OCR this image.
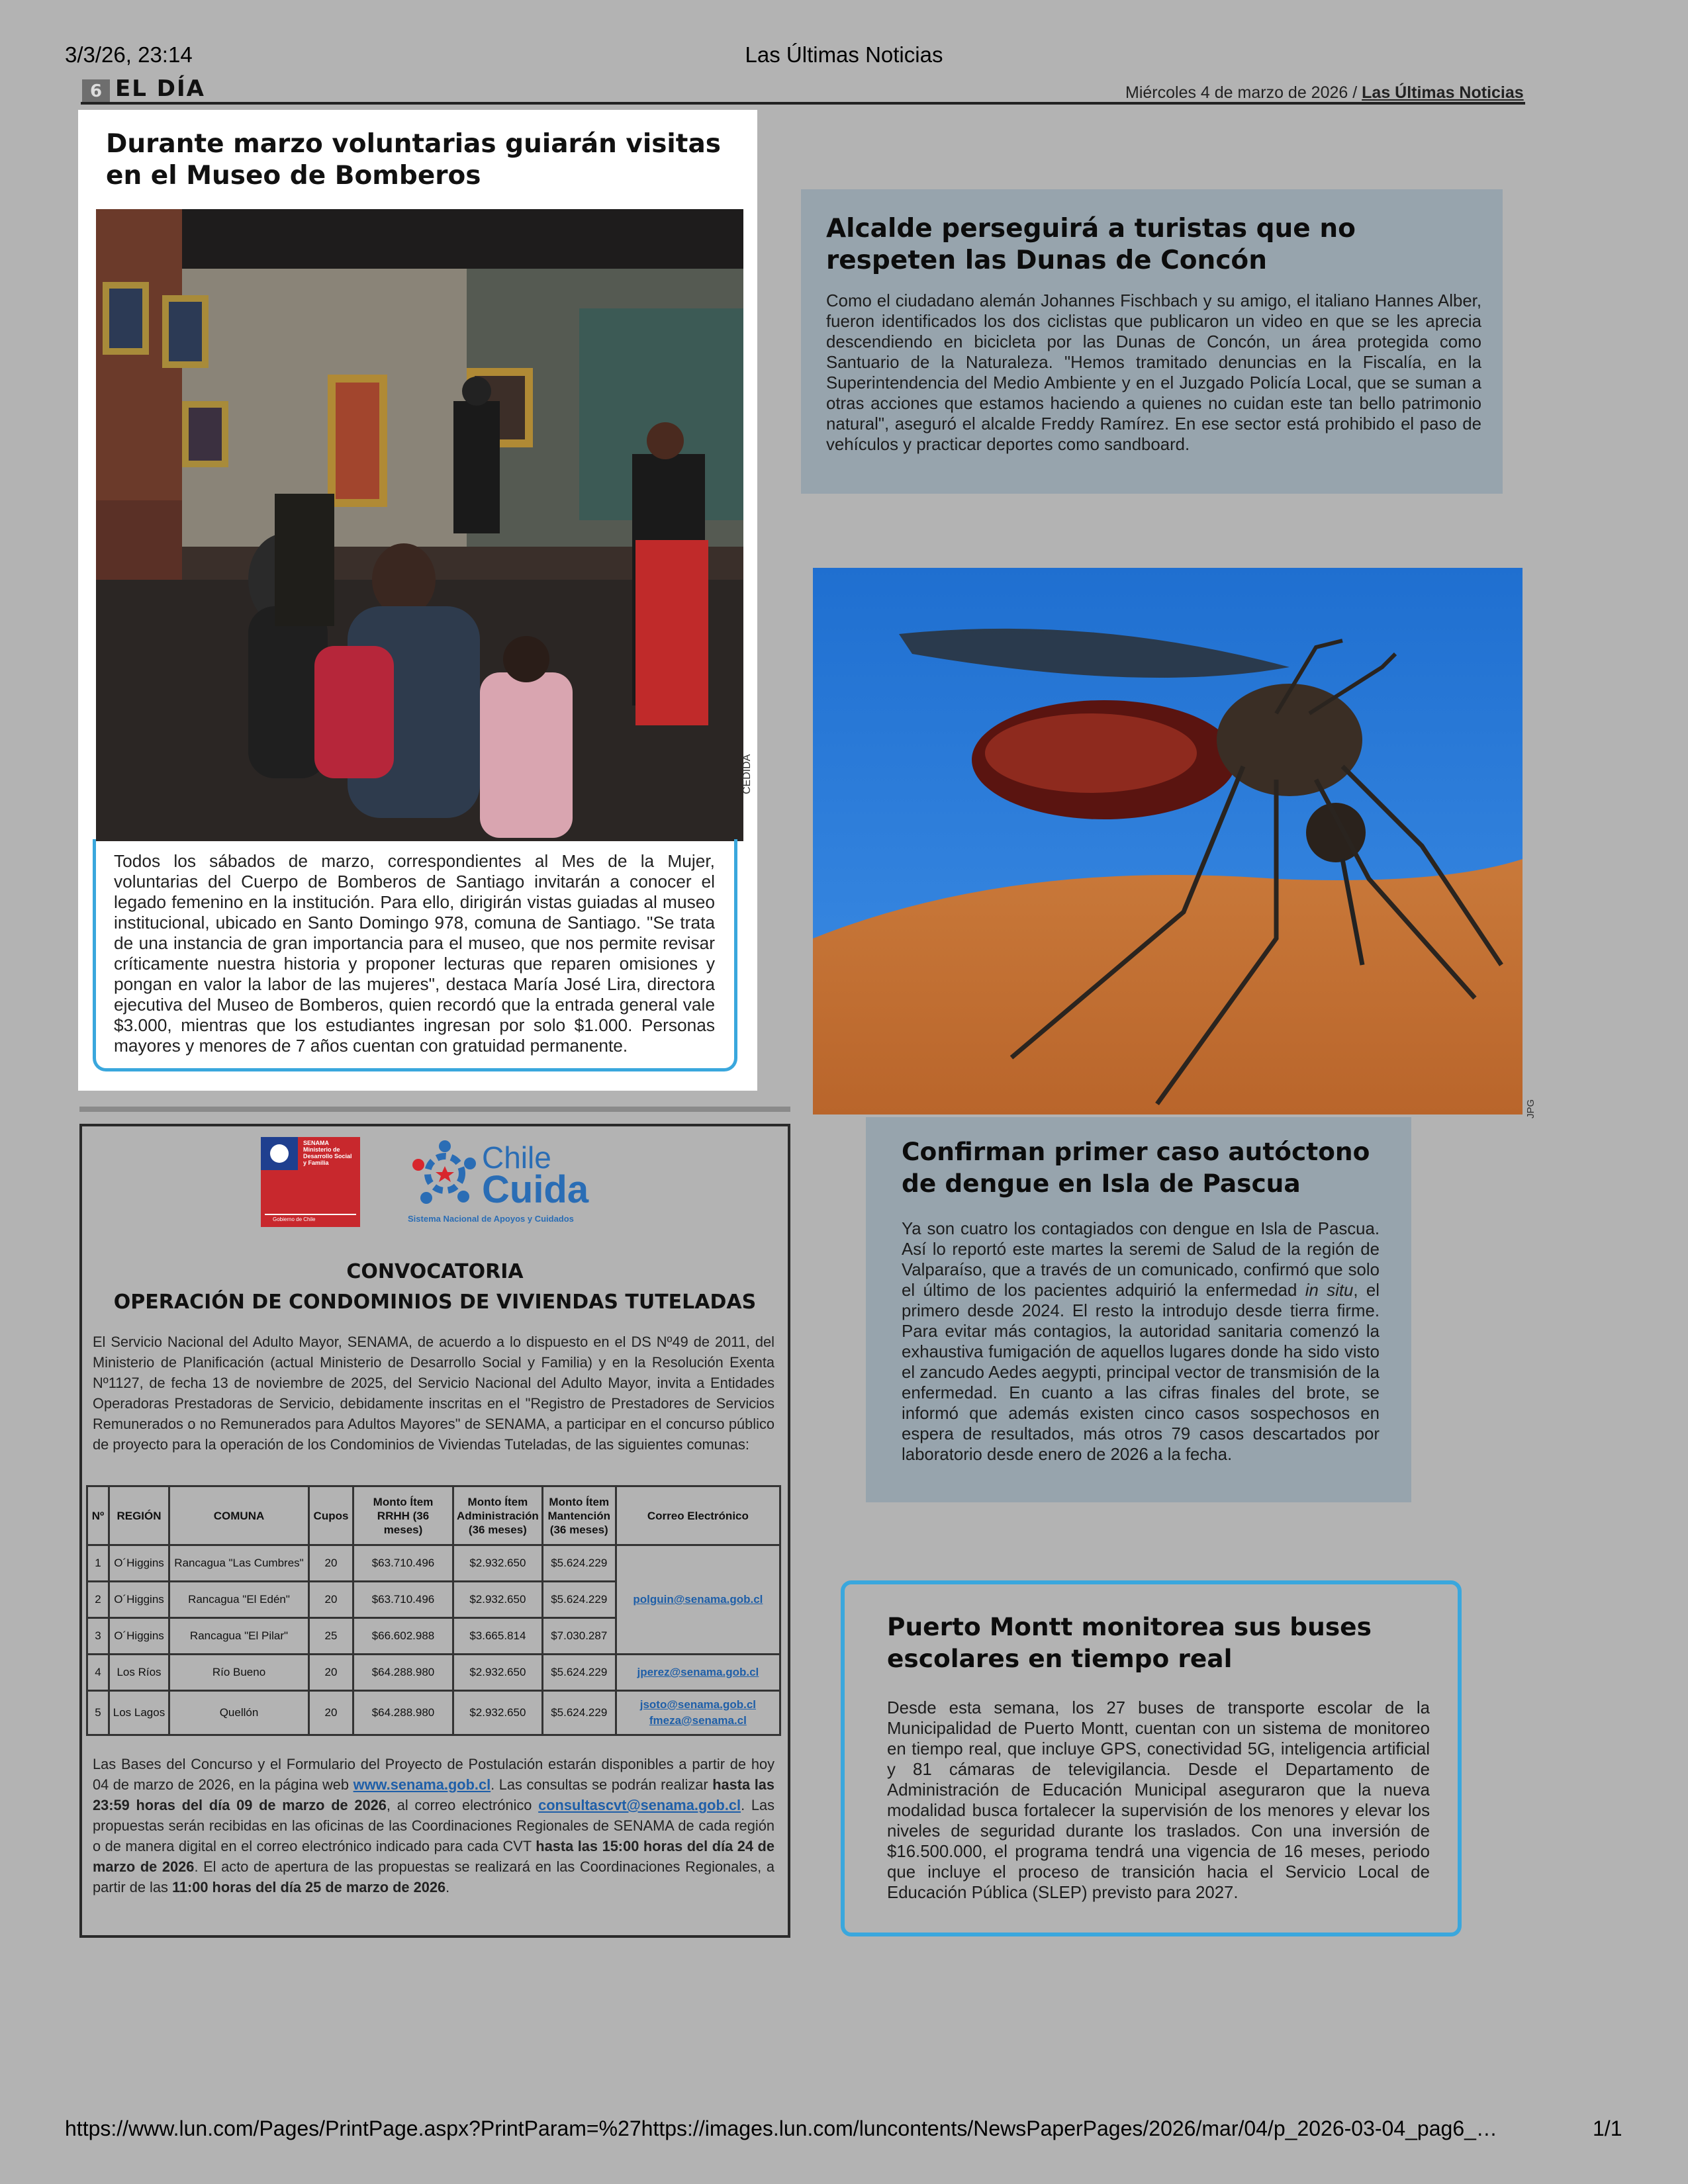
3/3/26, 23:14	Las Últimas Noticias
6 EL DÍA	Miércoles 4 de marzo de 2026 / Las Últimas Noticias
Durante marzo voluntarias guiarán visitas en el Museo de Bomberos
CEDIDA
Todos los sábados de marzo, correspondientes al Mes de la Mujer, voluntarias del Cuerpo de Bomberos de Santiago invitarán a conocer el legado femenino en la institución. Para ello, dirigirán vistas guiadas al museo institucional, ubicado en Santo Domingo 978, comuna de Santiago. "Se trata de una instancia de gran importancia para el museo, que nos permite revisar críticamente nuestra historia y proponer lecturas que reparen omisiones y pongan en valor la labor de las mujeres", destaca María José Lira, directora ejecutiva del Museo de Bomberos, quien recordó que la entrada general vale $3.000, mientras que los estudiantes ingresan por solo $1.000. Personas mayores y menores de 7 años cuentan con gratuidad permanente.
Alcalde perseguirá a turistas que no respeten las Dunas de Concón
Como el ciudadano alemán Johannes Fischbach y su amigo, el italiano Hannes Alber, fueron identificados los dos ciclistas que publicaron un video en que se les aprecia descendiendo en bicicleta por las Dunas de Concón, un área protegida como Santuario de la Naturaleza. "Hemos tramitado denuncias en la Fiscalía, en la Superintendencia del Medio Ambiente y en el Juzgado Policía Local, que se suman a otras acciones que estamos haciendo a quienes no cuidan este tan bello patrimonio natural", aseguró el alcalde Freddy Ramírez. En ese sector está prohibido el paso de vehículos y practicar deportes como sandboard.
JPG
Confirman primer caso autóctono de dengue en Isla de Pascua
Ya son cuatro los contagiados con dengue en Isla de Pascua. Así lo reportó este martes la seremi de Salud de la región de Valparaíso, que a través de un comunicado, confirmó que solo el último de los pacientes adquirió la enfermedad in situ, el primero desde 2024. El resto la introdujo desde tierra firme. Para evitar más contagios, la autoridad sanitaria comenzó la exhaustiva fumigación de aquellos lugares donde ha sido visto el zancudo Aedes aegypti, principal vector de transmisión de la enfermedad. En cuanto a las cifras finales del brote, se informó que además existen cinco casos sospechosos en espera de resultados, más otros 79 casos descartados por laboratorio desde enero de 2026 a la fecha.
Puerto Montt monitorea sus buses escolares en tiempo real
Desde esta semana, los 27 buses de transporte escolar de la Municipalidad de Puerto Montt, cuentan con un sistema de monitoreo en tiempo real, que incluye GPS, conectividad 5G, inteligencia artificial y 81 cámaras de televigilancia. Desde el Departamento de Administración de Educación Municipal aseguraron que la nueva modalidad busca fortalecer la supervisión de los menores y elevar los niveles de seguridad durante los traslados. Con una inversión de $16.500.000, el programa tendrá una vigencia de 16 meses, periodo que incluye el proceso de transición hacia el Servicio Local de Educación Pública (SLEP) previsto para 2027.
SENAMA Ministerio de Desarrollo Social y Familia
Gobierno de Chile
Chile
Cuida
Sistema Nacional de Apoyos y Cuidados
CONVOCATORIA
OPERACIÓN DE CONDOMINIOS DE VIVIENDAS TUTELADAS
El Servicio Nacional del Adulto Mayor, SENAMA, de acuerdo a lo dispuesto en el DS Nº49 de 2011, del Ministerio de Planificación (actual Ministerio de Desarrollo Social y Familia) y en la Resolución Exenta Nº1127, de fecha 13 de noviembre de 2025, del Servicio Nacional del Adulto Mayor, invita a Entidades Operadoras Prestadoras de Servicio, debidamente inscritas en el "Registro de Prestadores de Servicios Remunerados o no Remunerados para Adultos Mayores" de SENAMA, a participar en el concurso público de proyecto para la operación de los Condominios de Viviendas Tuteladas, de las siguientes comunas:
Nº	REGIÓN	COMUNA	Cupos	Monto Ítem RRHH (36 meses)	Monto Ítem Administración (36 meses)	Monto Ítem Mantención (36 meses)	Correo Electrónico
1	O´Higgins	Rancagua "Las Cumbres"	20	$63.710.496	$2.932.650	$5.624.229	polguin@senama.gob.cl
2	O´Higgins	Rancagua "El Edén"	20	$63.710.496	$2.932.650	$5.624.229	
3	O´Higgins	Rancagua "El Pilar"	25	$66.602.988	$3.665.814	$7.030.287	
4	Los Ríos	Río Bueno	20	$64.288.980	$2.932.650	$5.624.229	jperez@senama.gob.cl
5	Los Lagos	Quellón	20	$64.288.980	$2.932.650	$5.624.229	jsoto@senama.gob.cl
fmeza@senama.cl
Las Bases del Concurso y el Formulario del Proyecto de Postulación estarán disponibles a partir de hoy 04 de marzo de 2026, en la página web www.senama.gob.cl. Las consultas se podrán realizar hasta las 23:59 horas del día 09 de marzo de 2026, al correo electrónico consultascvt@senama.gob.cl. Las propuestas serán recibidas en las oficinas de las Coordinaciones Regionales de SENAMA de cada región o de manera digital en el correo electrónico indicado para cada CVT hasta las 15:00 horas del día 24 de marzo de 2026. El acto de apertura de las propuestas se realizará en las Coordinaciones Regionales, a partir de las 11:00 horas del día 25 de marzo de 2026.
https://www.lun.com/Pages/PrintPage.aspx?PrintParam=%27https://images.lun.com/luncontents/NewsPaperPages/2026/mar/04/p_2026-03-04_pag6_…	1/1
